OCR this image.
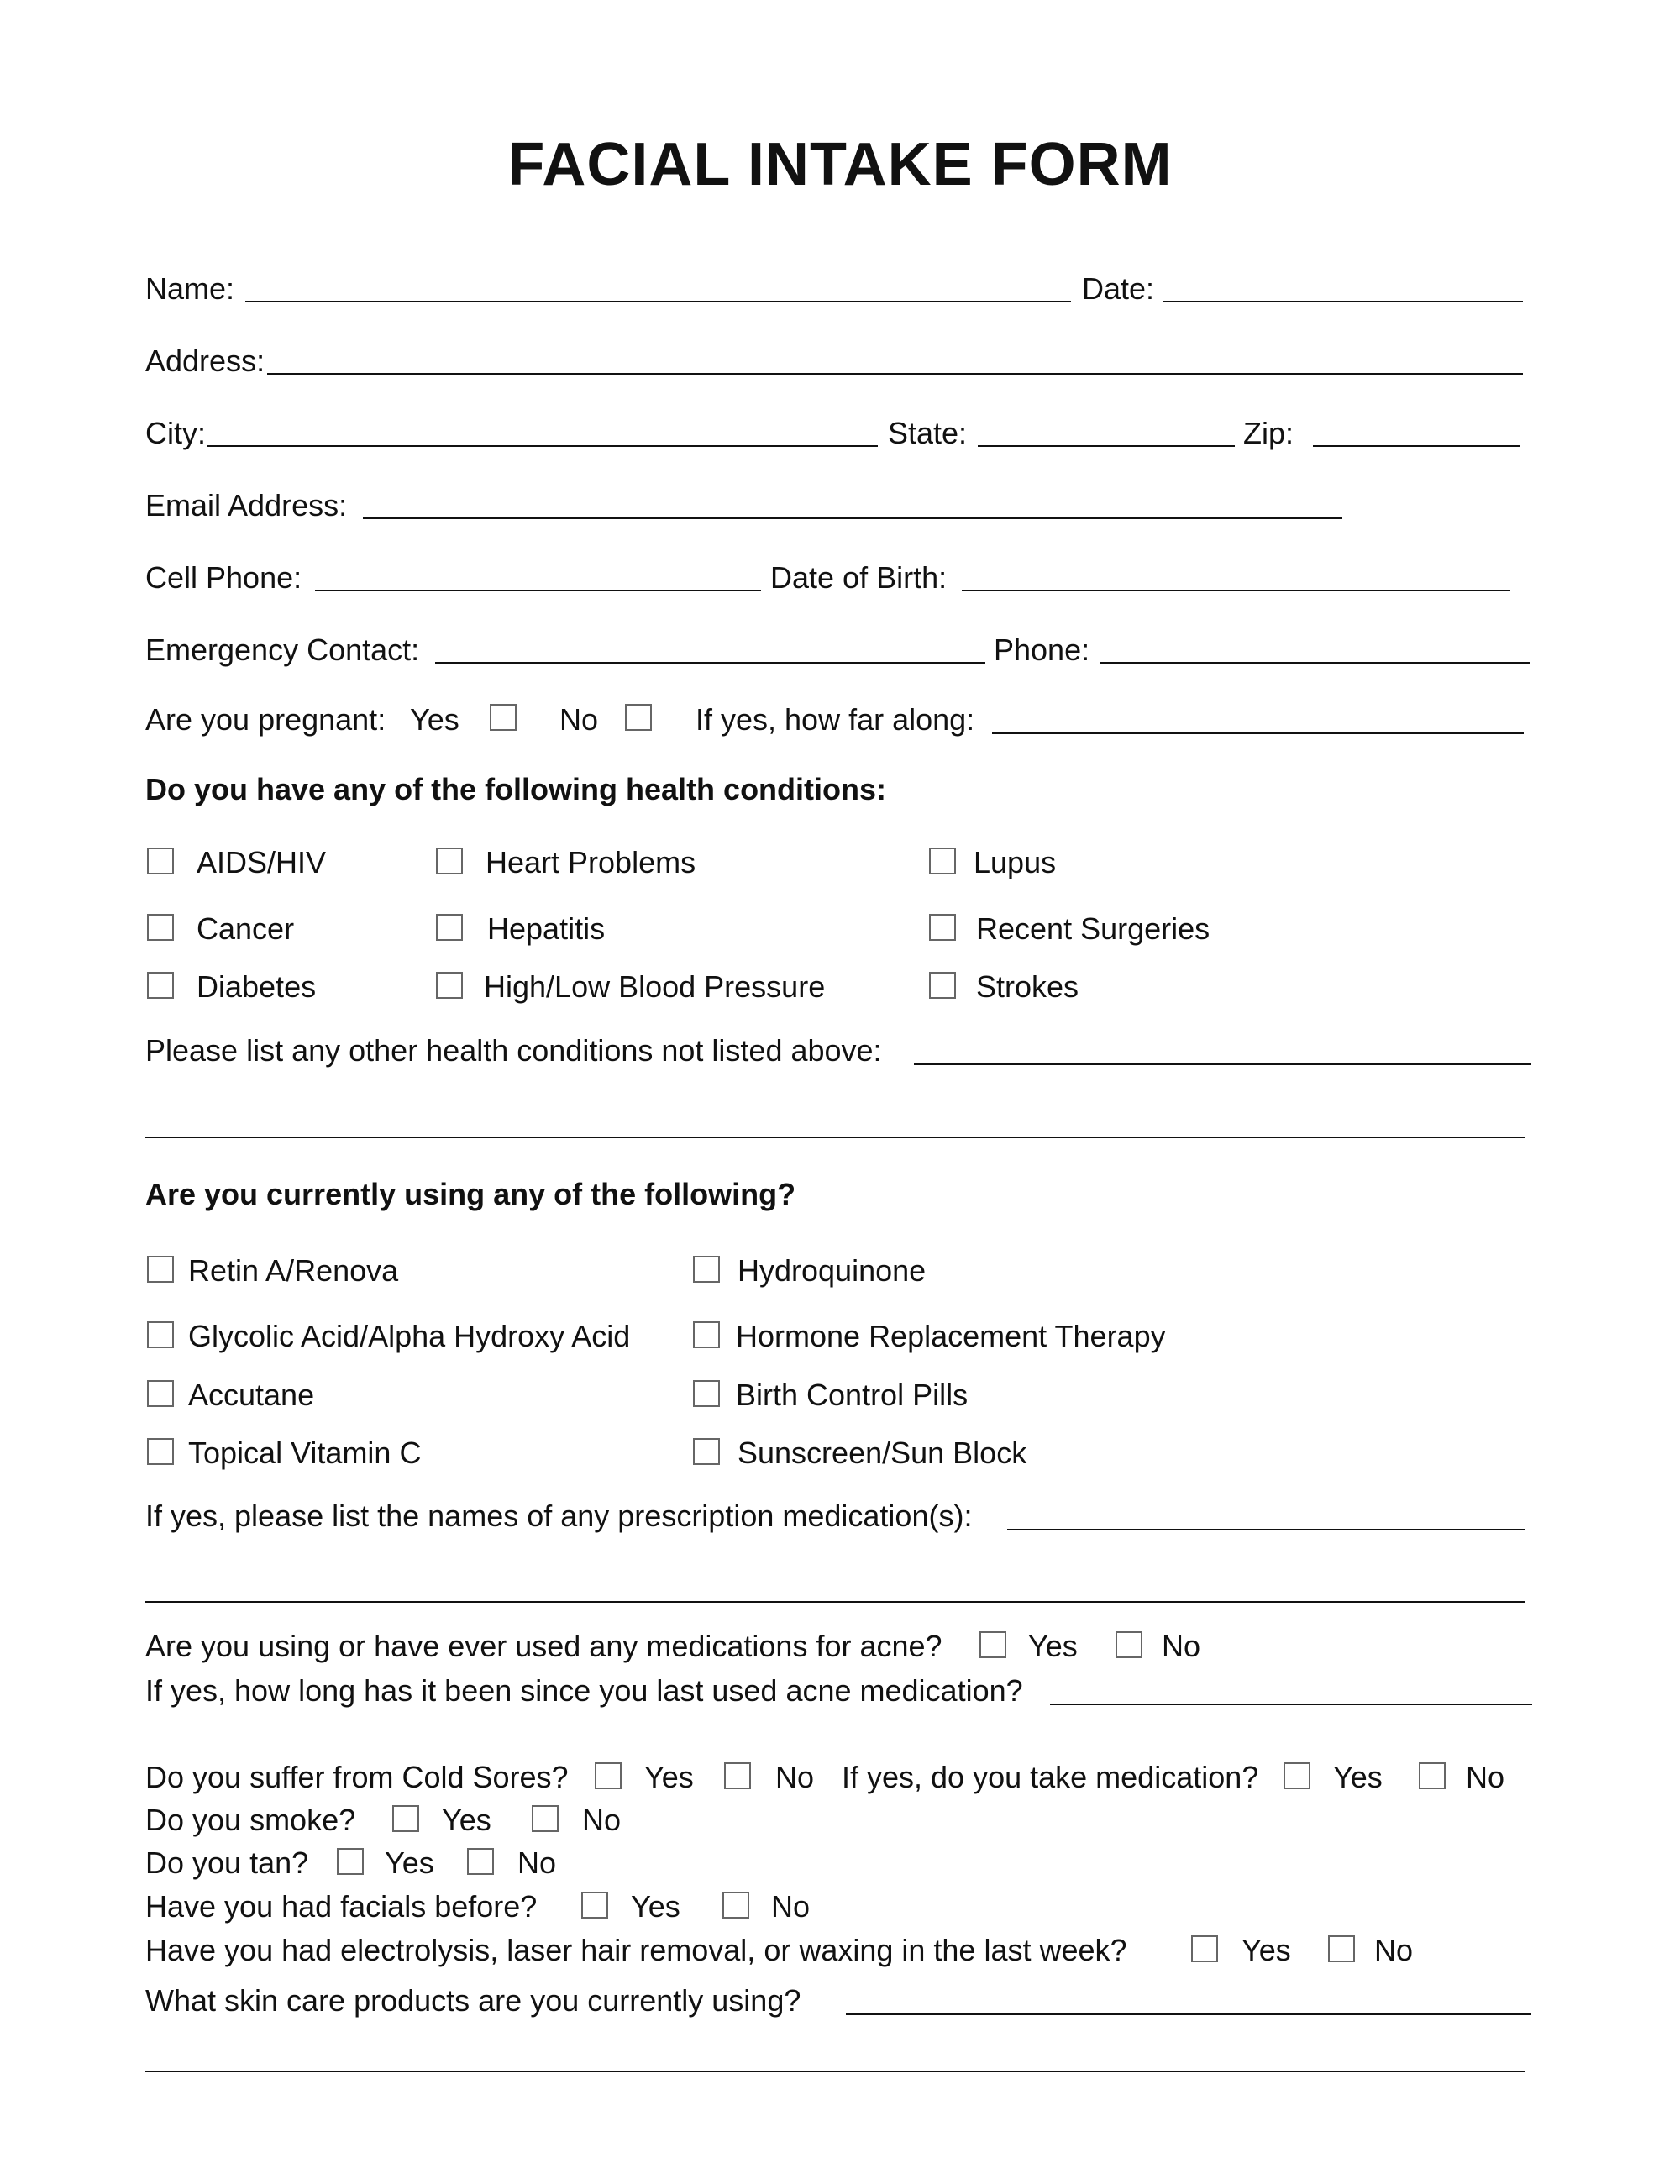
FACIAL INTAKE FORM
Name:	Date:
Address:
City:	State:	Zip:
Email Address:
Cell Phone:	Date of Birth:
Emergency Contact:	Phone:
Are you pregnant: Yes	No	If yes, how far along:
Do you have any of the following health conditions:
AIDS/HIV	Heart Problems	Lupus
Cancer	Hepatitis	Recent Surgeries
Diabetes	High/Low Blood Pressure	Strokes
Please list any other health conditions not listed above:
Are you currently using any of the following?
Retin A/Renova	Hydroquinone
Glycolic Acid/Alpha Hydroxy Acid	Hormone Replacement Therapy
Accutane	Birth Control Pills
Topical Vitamin C	Sunscreen/Sun Block
If yes, please list the names of any prescription medication(s):
Are you using or have ever used any medications for acne?	Yes	No
If yes, how long has it been since you last used acne medication?
Do you suffer from Cold Sores?	Yes	No If yes, do you take medication? Yes	No
Do you smoke?	Yes	No
Do you tan?	Yes	No
Have you had facials before?	Yes	No
Have you had electrolysis, laser hair removal, or waxing in the last week?	Yes	No
What skin care products are you currently using?
